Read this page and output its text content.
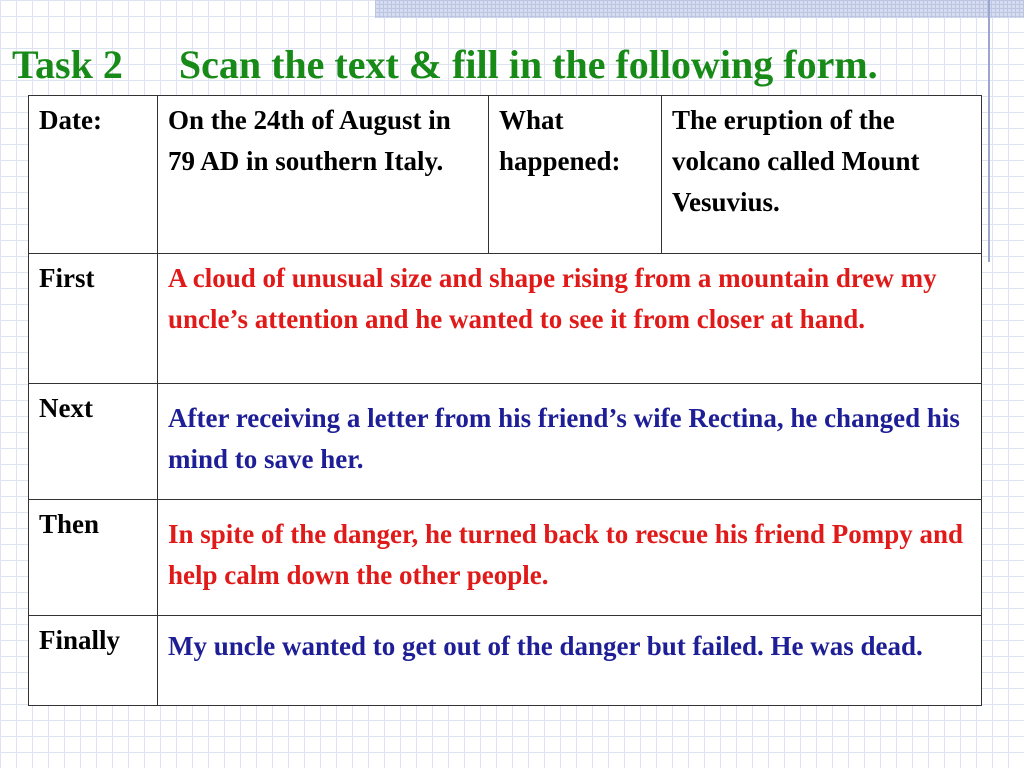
Task 2 Scan the text & fill in the following form.
Date:	On the 24th of August in 79 AD in southern Italy.	What happened:	The eruption of the volcano called Mount Vesuvius.
First	A cloud of unusual size and shape rising from a mountain drew my uncle’s attention and he wanted to see it from closer at hand.		
Next	After receiving a letter from his friend’s wife Rectina, he changed his mind to save her.		
Then	In spite of the danger, he turned back to rescue his friend Pompy and help calm down the other people.		
Finally	My uncle wanted to get out of the danger but failed. He was dead.		
